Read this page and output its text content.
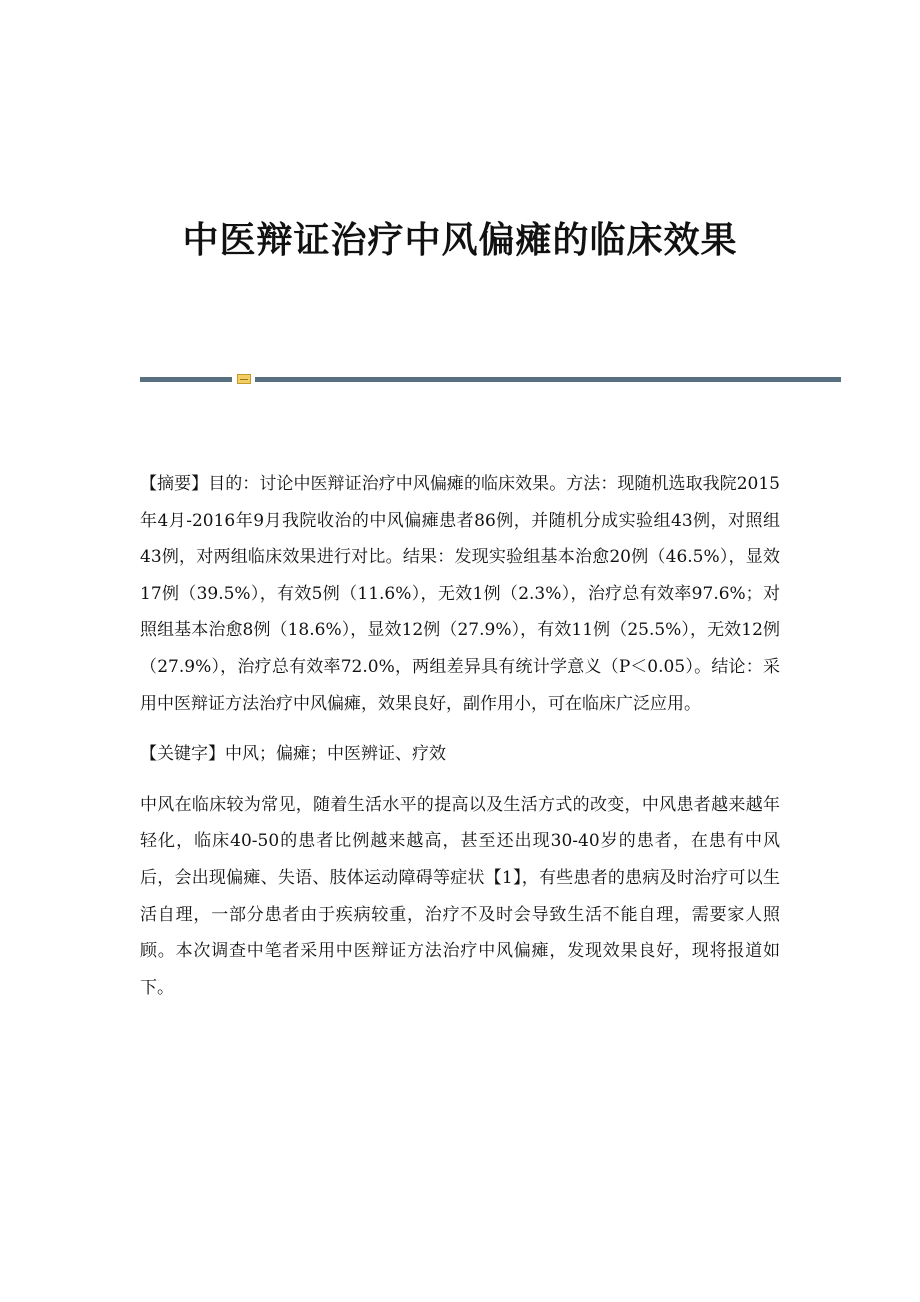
中医辩证治疗中风偏瘫的临床效果

【摘要】目的：讨论中医辩证治疗中风偏瘫的临床效果。方法：现随机选取我院2015年4月-2016年9月我院收治的中风偏瘫患者86例，并随机分成实验组43例，对照组43例，对两组临床效果进行对比。结果：发现实验组基本治愈20例（46.5%），显效17例（39.5%），有效5例（11.6%），无效1例（2.3%），治疗总有效率97.6%；对照组基本治愈8例（18.6%），显效12例（27.9%），有效11例（25.5%），无效12例（27.9%），治疗总有效率72.0%，两组差异具有统计学意义（P＜0.05）。结论：采用中医辩证方法治疗中风偏瘫，效果良好，副作用小，可在临床广泛应用。

【关键字】中风；偏瘫；中医辨证、疗效

中风在临床较为常见，随着生活水平的提高以及生活方式的改变，中风患者越来越年轻化，临床40-50的患者比例越来越高，甚至还出现30-40岁的患者，在患有中风后，会出现偏瘫、失语、肢体运动障碍等症状【1】，有些患者的患病及时治疗可以生活自理，一部分患者由于疾病较重，治疗不及时会导致生活不能自理，需要家人照顾。本次调查中笔者采用中医辩证方法治疗中风偏瘫，发现效果良好，现将报道如下。
